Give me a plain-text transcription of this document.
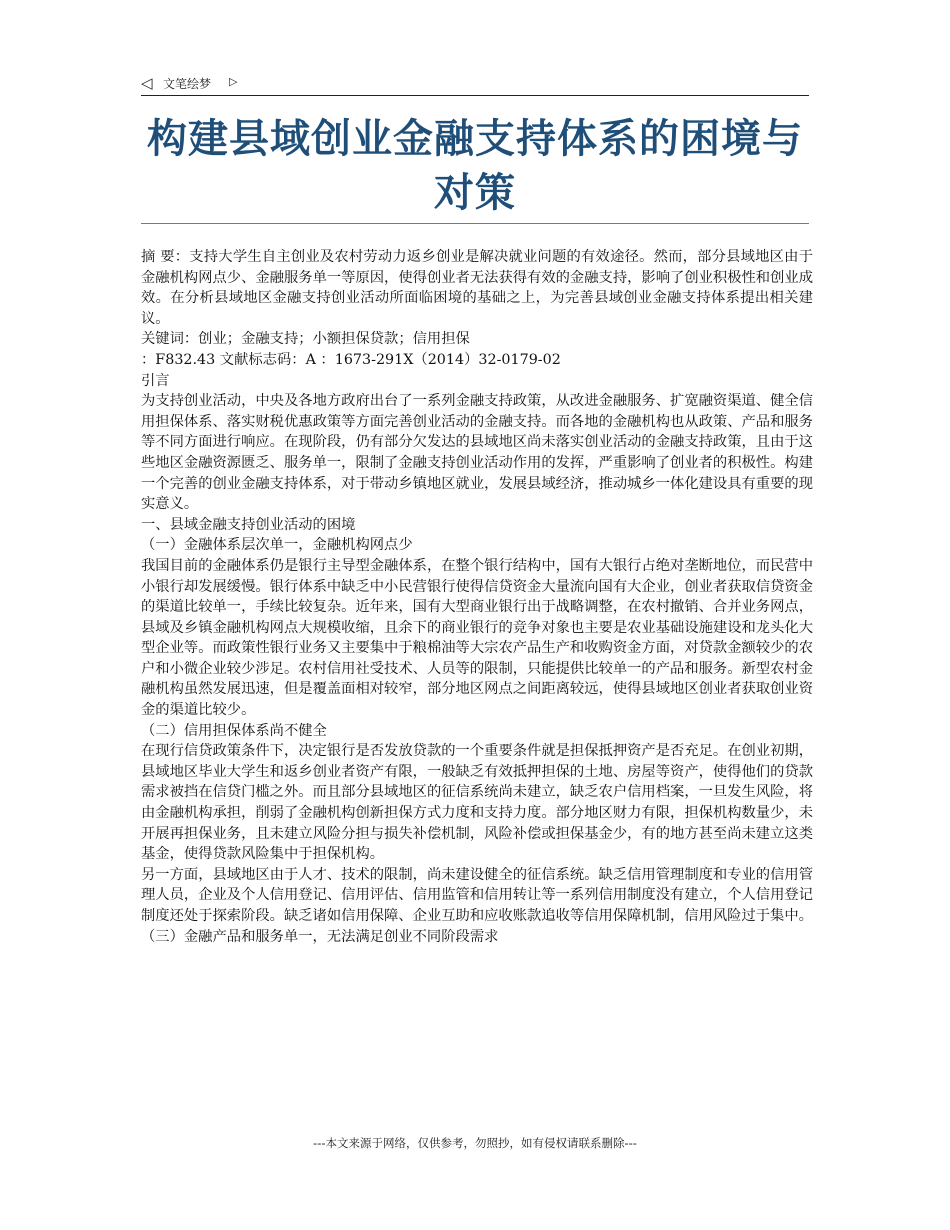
◁ 文笔绘梦 ▷
构建县域创业金融支持体系的困境与对策

摘 要：支持大学生自主创业及农村劳动力返乡创业是解决就业问题的有效途径。然而，部分县域地区由于金融机构网点少、金融服务单一等原因，使得创业者无法获得有效的金融支持，影响了创业积极性和创业成效。在分析县域地区金融支持创业活动所面临困境的基础之上，为完善县域创业金融支持体系提出相关建议。

关键词：创业；金融支持；小额担保贷款；信用担保

：F832.43 文献标志码：A ：1673-291X（2014）32-0179-02

引言

为支持创业活动，中央及各地方政府出台了一系列金融支持政策，从改进金融服务、扩宽融资渠道、健全信用担保体系、落实财税优惠政策等方面完善创业活动的金融支持。而各地的金融机构也从政策、产品和服务等不同方面进行响应。在现阶段，仍有部分欠发达的县域地区尚未落实创业活动的金融支持政策，且由于这些地区金融资源匮乏、服务单一，限制了金融支持创业活动作用的发挥，严重影响了创业者的积极性。构建一个完善的创业金融支持体系，对于带动乡镇地区就业，发展县域经济，推动城乡一体化建设具有重要的现实意义。

一、县域金融支持创业活动的困境

（一）金融体系层次单一，金融机构网点少

我国目前的金融体系仍是银行主导型金融体系，在整个银行结构中，国有大银行占绝对垄断地位，而民营中小银行却发展缓慢。银行体系中缺乏中小民营银行使得信贷资金大量流向国有大企业，创业者获取信贷资金的渠道比较单一，手续比较复杂。近年来，国有大型商业银行出于战略调整，在农村撤销、合并业务网点，县域及乡镇金融机构网点大规模收缩，且余下的商业银行的竞争对象也主要是农业基础设施建设和龙头化大型企业等。而政策性银行业务又主要集中于粮棉油等大宗农产品生产和收购资金方面，对贷款金额较少的农户和小微企业较少涉足。农村信用社受技术、人员等的限制，只能提供比较单一的产品和服务。新型农村金融机构虽然发展迅速，但是覆盖面相对较窄，部分地区网点之间距离较远，使得县域地区创业者获取创业资金的渠道比较少。

（二）信用担保体系尚不健全

在现行信贷政策条件下，决定银行是否发放贷款的一个重要条件就是担保抵押资产是否充足。在创业初期，县域地区毕业大学生和返乡创业者资产有限，一般缺乏有效抵押担保的土地、房屋等资产，使得他们的贷款需求被挡在信贷门槛之外。而且部分县域地区的征信系统尚未建立，缺乏农户信用档案，一旦发生风险，将由金融机构承担，削弱了金融机构创新担保方式力度和支持力度。部分地区财力有限，担保机构数量少，未开展再担保业务，且未建立风险分担与损失补偿机制，风险补偿或担保基金少，有的地方甚至尚未建立这类基金，使得贷款风险集中于担保机构。

另一方面，县域地区由于人才、技术的限制，尚未建设健全的征信系统。缺乏信用管理制度和专业的信用管理人员，企业及个人信用登记、信用评估、信用监管和信用转让等一系列信用制度没有建立，个人信用登记制度还处于探索阶段。缺乏诸如信用保障、企业互助和应收账款追收等信用保障机制，信用风险过于集中。

（三）金融产品和服务单一，无法满足创业不同阶段需求

---本文来源于网络，仅供参考，勿照抄，如有侵权请联系删除---
